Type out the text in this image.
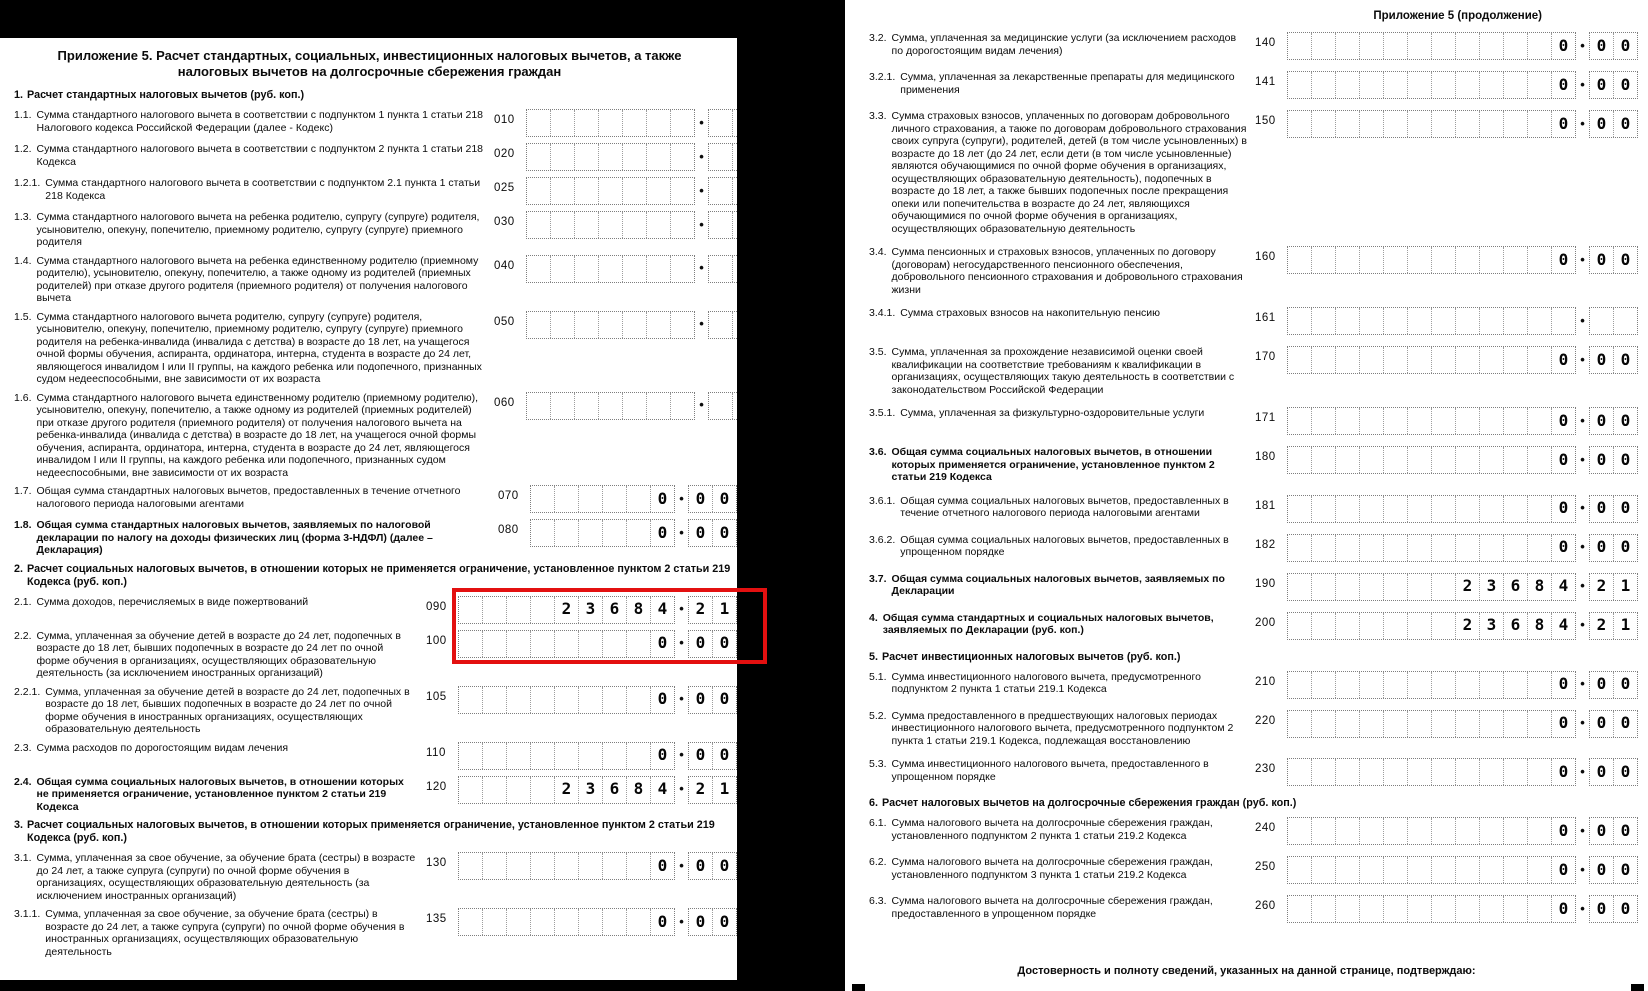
Приложение 5. Расчет стандартных, социальных, инвестиционных налоговых вычетов, а также налоговых вычетов на долгосрочные сбережения граждан
1. Расчет стандартных налоговых вычетов (руб. коп.)
1.1. Сумма стандартного налогового вычета в соответствии с подпунктом 1 пункта 1 статьи 218 Налогового кодекса Российской Федерации (далее - Кодекс)
010	•
1.2. Сумма стандартного налогового вычета в соответствии с подпунктом 2 пункта 1 статьи 218 Кодекса
020	•
1.2.1. Сумма стандартного налогового вычета в соответствии с подпунктом 2.1 пункта 1 статьи 218 Кодекса
025	•
1.3. Сумма стандартного налогового вычета на ребенка родителю, супругу (супруге) родителя, усыновителю, опекуну, попечителю, приемному родителю, супругу (супруге) приемного родителя
030	•
1.4. Сумма стандартного налогового вычета на ребенка единственному родителю (приемному родителю), усыновителю, опекуну, попечителю, а также одному из родителей (приемных родителей) при отказе другого родителя (приемного родителя) от получения налогового вычета
040	•
1.5. Сумма стандартного налогового вычета родителю, супругу (супруге) родителя, усыновителю, опекуну, попечителю, приемному родителю, супругу (супруге) приемного родителя на ребенка-инвалида (инвалида с детства) в возрасте до 18 лет, на учащегося очной формы обучения, аспиранта, ординатора, интерна, студента в возрасте до 24 лет, являющегося инвалидом I или II группы, на каждого ребенка или подопечного, признанных судом недееспособными, вне зависимости от их возраста
050	•
1.6. Сумма стандартного налогового вычета единственному родителю (приемному родителю), усыновителю, опекуну, попечителю, а также одному из родителей (приемных родителей) при отказе другого родителя (приемного родителя) от получения налогового вычета на ребенка-инвалида (инвалида с детства) в возрасте до 18 лет, на учащегося очной формы обучения, аспиранта, ординатора, интерна, студента в возрасте до 24 лет, являющегося инвалидом I или II группы, на каждого ребенка или подопечного, признанных судом недееспособными, вне зависимости от их возраста
060	•
1.7. Общая сумма стандартных налоговых вычетов, предоставленных в течение отчетного налогового периода налоговыми агентами
070	0 • 0 0
1.8. Общая сумма стандартных налоговых вычетов, заявляемых по налоговой декларации по налогу на доходы физических лиц (форма 3-НДФЛ) (далее – Декларация)
080	0 • 0 0
2. Расчет социальных налоговых вычетов, в отношении которых не применяется ограничение, установленное пунктом 2 статьи 219 Кодекса (руб. коп.)
2.1. Сумма доходов, перечисляемых в виде пожертвований	090	2 3 6 8 4 • 2 1
2.2. Сумма, уплаченная за обучение детей в возрасте до 24 лет, подопечных в возрасте до 18 лет, бывших подопечных в возрасте до 24 лет по очной форме обучения в организациях, осуществляющих образовательную деятельность (за исключением иностранных организаций)
100	0 • 0 0
2.2.1. Сумма, уплаченная за обучение детей в возрасте до 24 лет, подопечных в возрасте до 18 лет, бывших подопечных в возрасте до 24 лет по очной форме обучения в иностранных организациях, осуществляющих образовательную деятельность
105	0 • 0 0
2.3. Сумма расходов по дорогостоящим видам лечения	110	0 • 0 0
2.4. Общая сумма социальных налоговых вычетов, в отношении которых не применяется ограничение, установленное пунктом 2 статьи 219 Кодекса
120	2 3 6 8 4 • 2 1
3. Расчет социальных налоговых вычетов, в отношении которых применяется ограничение, установленное пунктом 2 статьи 219 Кодекса (руб. коп.)
3.1. Сумма, уплаченная за свое обучение, за обучение брата (сестры) в возрасте до 24 лет, а также супруга (супруги) по очной форме обучения в организациях, осуществляющих образовательную деятельность (за исключением иностранных организаций)
130	0 • 0 0
3.1.1. Сумма, уплаченная за свое обучение, за обучение брата (сестры) в возрасте до 24 лет, а также супруга (супруги) по очной форме обучения в иностранных организациях, осуществляющих образовательную деятельность
135	0 • 0 0
Приложение 5 (продолжение)
3.2. Сумма, уплаченная за медицинские услуги (за исключением расходов по дорогостоящим видам лечения)
140	0 • 0 0
3.2.1. Сумма, уплаченная за лекарственные препараты для медицинского применения
141	0 • 0 0
3.3. Сумма страховых взносов, уплаченных по договорам добровольного личного страхования, а также по договорам добровольного страхования своих супруга (супруги), родителей, детей (в том числе усыновленных) в возрасте до 18 лет (до 24 лет, если дети (в том числе усыновленные) являются обучающимися по очной форме обучения в организациях, осуществляющих образовательную деятельность), подопечных в возрасте до 18 лет, а также бывших подопечных после прекращения опеки или попечительства в возрасте до 24 лет, являющихся обучающимися по очной форме обучения в организациях, осуществляющих образовательную деятельность
150	0 • 0 0
3.4. Сумма пенсионных и страховых взносов, уплаченных по договору (договорам) негосударственного пенсионного обеспечения, добровольного пенсионного страхования и добровольного страхования жизни
160	0 • 0 0
3.4.1. Сумма страховых взносов на накопительную пенсию	161	•
3.5. Сумма, уплаченная за прохождение независимой оценки своей квалификации на соответствие требованиям к квалификации в организациях, осуществляющих такую деятельность в соответствии с законодательством Российской Федерации
170	0 • 0 0
3.5.1. Сумма, уплаченная за физкультурно-оздоровительные услуги	171	0 • 0 0
3.6. Общая сумма социальных налоговых вычетов, в отношении которых применяется ограничение, установленное пунктом 2 статьи 219 Кодекса
180	0 • 0 0
3.6.1. Общая сумма социальных налоговых вычетов, предоставленных в течение отчетного налогового периода налоговыми агентами
181	0 • 0 0
3.6.2. Общая сумма социальных налоговых вычетов, предоставленных в упрощенном порядке
182	0 • 0 0
3.7. Общая сумма социальных налоговых вычетов, заявляемых по Декларации
190	2 3 6 8 4 • 2 1
4. Общая сумма стандартных и социальных налоговых вычетов, заявляемых по Декларации (руб. коп.)
200	2 3 6 8 4 • 2 1
5. Расчет инвестиционных налоговых вычетов (руб. коп.)
5.1. Сумма инвестиционного налогового вычета, предусмотренного подпунктом 2 пункта 1 статьи 219.1 Кодекса
210	0 • 0 0
5.2. Сумма предоставленного в предшествующих налоговых периодах инвестиционного налогового вычета, предусмотренного подпунктом 2 пункта 1 статьи 219.1 Кодекса, подлежащая восстановлению
220	0 • 0 0
5.3. Сумма инвестиционного налогового вычета, предоставленного в упрощенном порядке
230	0 • 0 0
6. Расчет налоговых вычетов на долгосрочные сбережения граждан (руб. коп.)
6.1. Сумма налогового вычета на долгосрочные сбережения граждан, установленного подпунктом 2 пункта 1 статьи 219.2 Кодекса
240	0 • 0 0
6.2. Сумма налогового вычета на долгосрочные сбережения граждан, установленного подпунктом 3 пункта 1 статьи 219.2 Кодекса
250	0 • 0 0
6.3. Сумма налогового вычета на долгосрочные сбережения граждан, предоставленного в упрощенном порядке
260	0 • 0 0
Достоверность и полноту сведений, указанных на данной странице, подтверждаю:
